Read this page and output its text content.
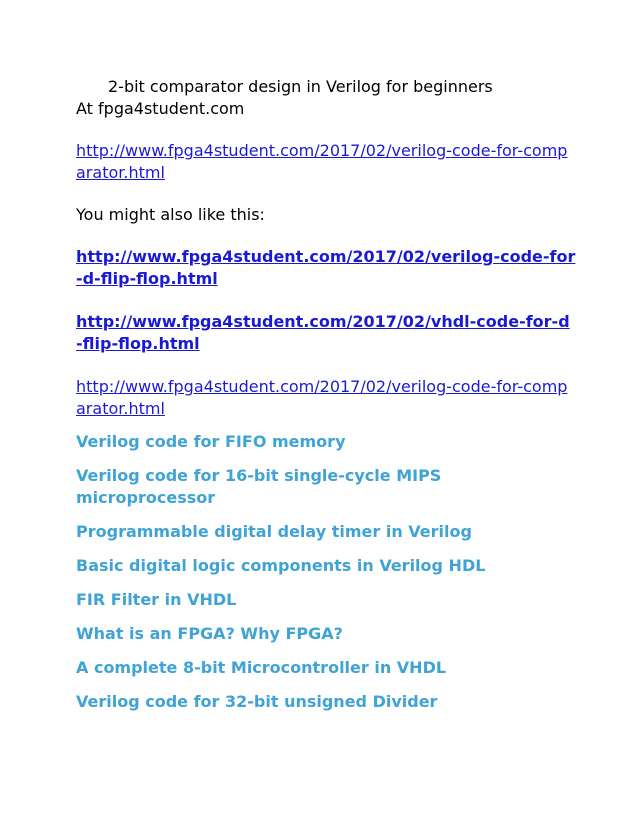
2-bit comparator design in Verilog for beginners
At fpga4student.com
http://www.fpga4student.com/2017/02/verilog-code-for-comparator.html
You might also like this:
http://www.fpga4student.com/2017/02/verilog-code-for-d-flip-flop.html
http://www.fpga4student.com/2017/02/vhdl-code-for-d-flip-flop.html
http://www.fpga4student.com/2017/02/verilog-code-for-comparator.html
Verilog code for FIFO memory
Verilog code for 16-bit single-cycle MIPS microprocessor
Programmable digital delay timer in Verilog
Basic digital logic components in Verilog HDL
FIR Filter in VHDL
What is an FPGA? Why FPGA?
A complete 8-bit Microcontroller in VHDL
Verilog code for 32-bit unsigned Divider
